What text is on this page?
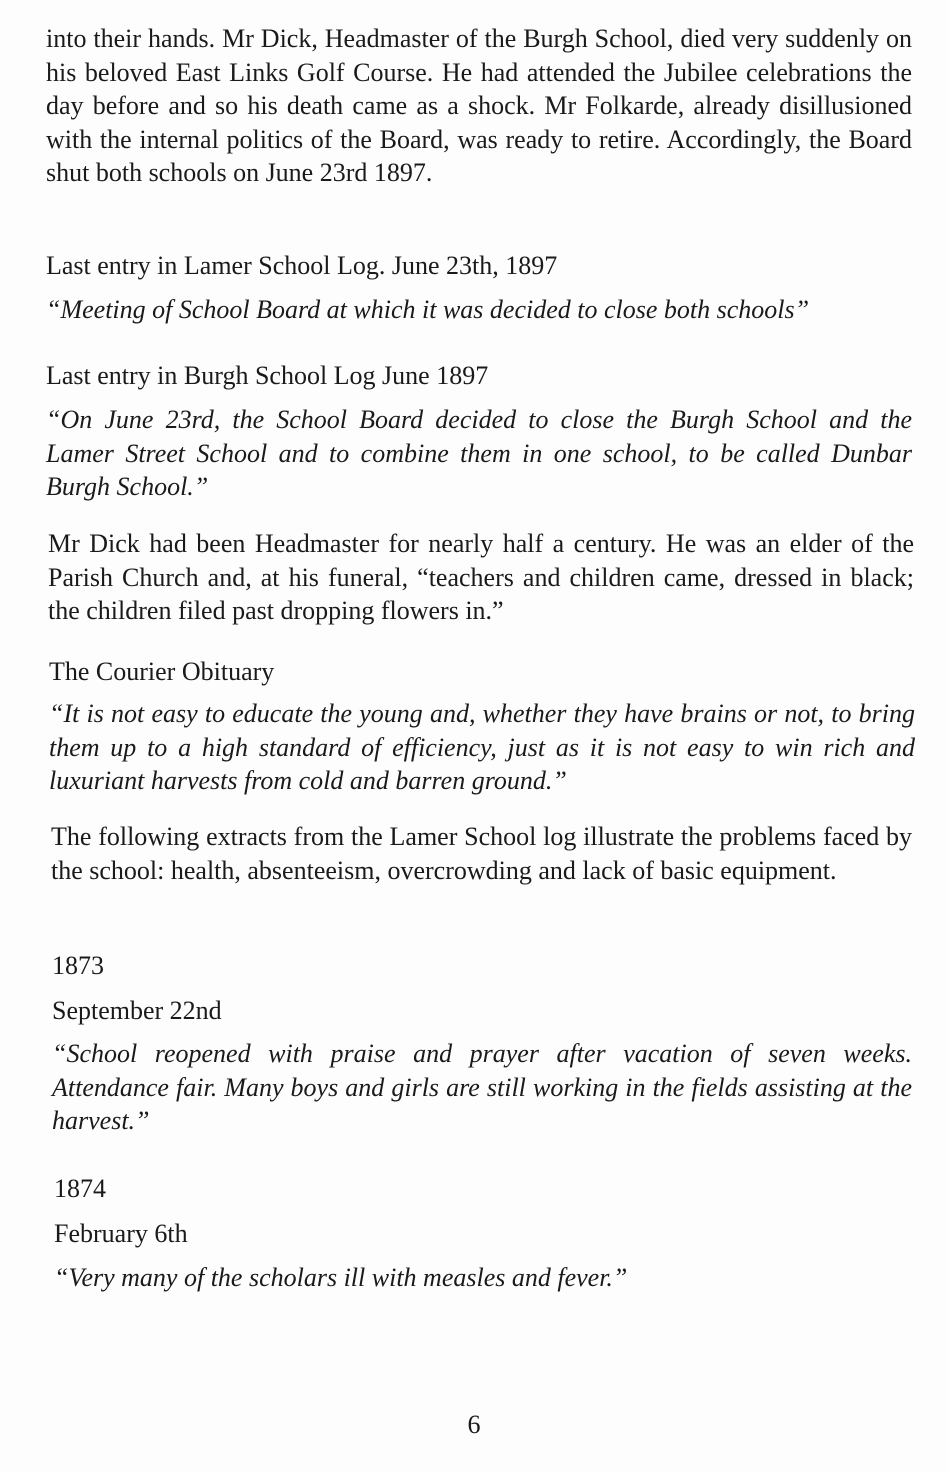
into their hands. Mr Dick, Headmaster of the Burgh School, died very suddenly on his beloved East Links Golf Course. He had attended the Jubilee celebrations the day before and so his death came as a shock. Mr Folkarde, already disillusioned with the internal politics of the Board, was ready to retire. Accordingly, the Board shut both schools on June 23rd 1897.

Last entry in Lamer School Log. June 23th, 1897

“Meeting of School Board at which it was decided to close both schools”

Last entry in Burgh School Log June 1897

“On June 23rd, the School Board decided to close the Burgh School and the Lamer Street School and to combine them in one school, to be called Dunbar Burgh School.”

Mr Dick had been Headmaster for nearly half a century. He was an elder of the Parish Church and, at his funeral, “teachers and children came, dressed in black; the children filed past dropping flowers in.”

The Courier Obituary

“It is not easy to educate the young and, whether they have brains or not, to bring them up to a high standard of efficiency, just as it is not easy to win rich and luxuriant harvests from cold and barren ground.”

The following extracts from the Lamer School log illustrate the problems faced by the school: health, absenteeism, overcrowding and lack of basic equipment.

1873

September 22nd

“School reopened with praise and prayer after vacation of seven weeks. Attendance fair. Many boys and girls are still working in the fields assisting at the harvest.”

1874

February 6th

“Very many of the scholars ill with measles and fever.”

6
